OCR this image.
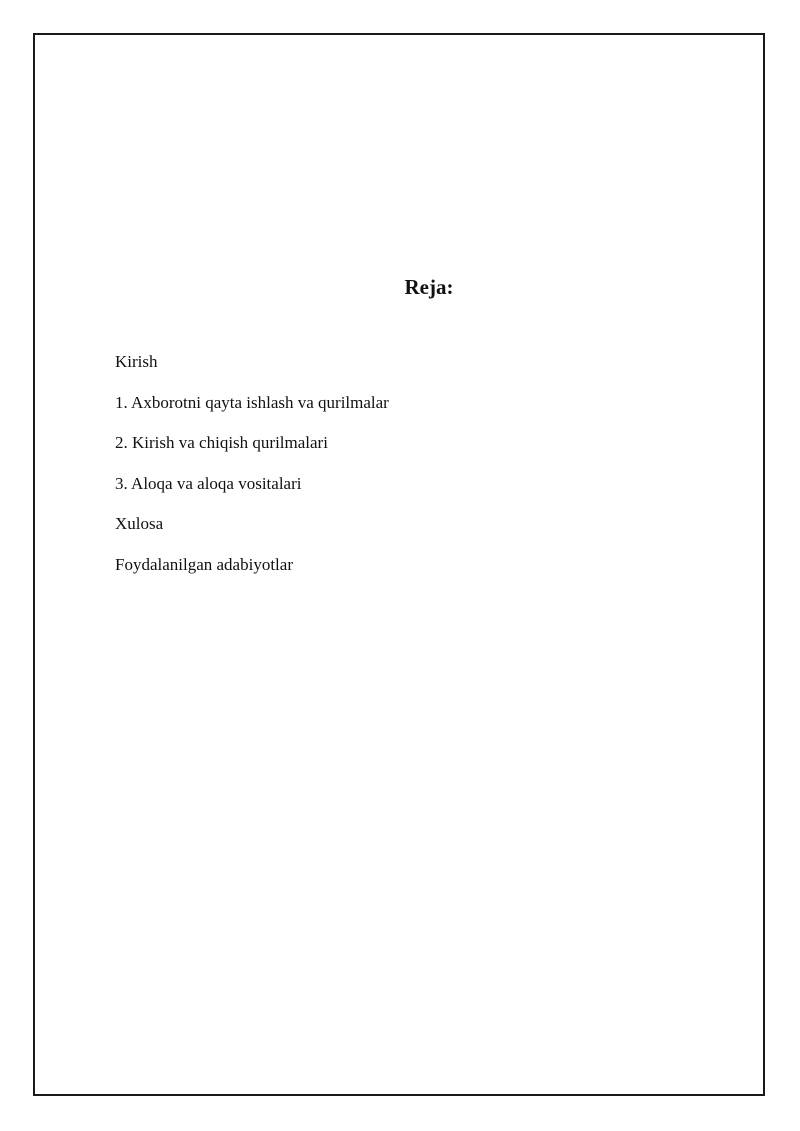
Reja:
Kirish
1. Axborotni qayta ishlash va qurilmalar
2. Kirish va chiqish qurilmalari
3. Aloqa va aloqa vositalari
Xulosa
Foydalanilgan adabiyotlar
